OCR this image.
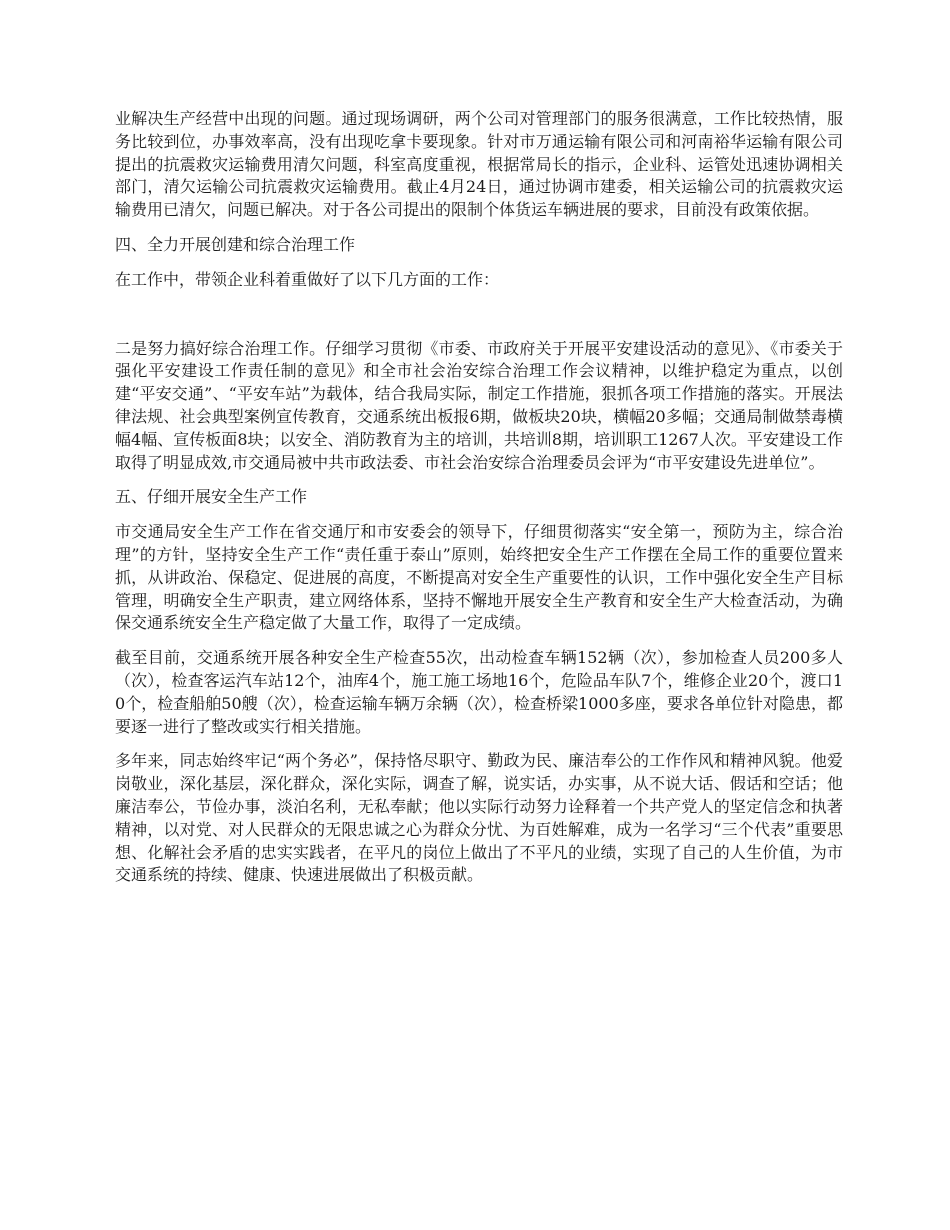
业解决生产经营中出现的问题。通过现场调研，两个公司对管理部门的服务很满意，工作比较热情，服务比较到位，办事效率高，没有出现吃拿卡要现象。针对市万通运输有限公司和河南裕华运输有限公司提出的抗震救灾运输费用清欠问题，科室高度重视，根据常局长的指示，企业科、运管处迅速协调相关部门，清欠运输公司抗震救灾运输费用。截止4月24日，通过协调市建委，相关运输公司的抗震救灾运输费用已清欠，问题已解决。对于各公司提出的限制个体货运车辆进展的要求，目前没有政策依据。

四、全力开展创建和综合治理工作

在工作中，带领企业科着重做好了以下几方面的工作：

二是努力搞好综合治理工作。仔细学习贯彻《市委、市政府关于开展平安建设活动的意见》、《市委关于强化平安建设工作责任制的意见》和全市社会治安综合治理工作会议精神，以维护稳定为重点，以创建“平安交通”、“平安车站”为载体，结合我局实际，制定工作措施，狠抓各项工作措施的落实。开展法律法规、社会典型案例宣传教育，交通系统出板报6期，做板块20块，横幅20多幅；交通局制做禁毒横幅4幅、宣传板面8块；以安全、消防教育为主的培训，共培训8期，培训职工1267人次。平安建设工作取得了明显成效,市交通局被中共市政法委、市社会治安综合治理委员会评为“市平安建设先进单位”。

五、仔细开展安全生产工作

市交通局安全生产工作在省交通厅和市安委会的领导下，仔细贯彻落实“安全第一，预防为主，综合治理”的方针，坚持安全生产工作“责任重于泰山”原则，始终把安全生产工作摆在全局工作的重要位置来抓，从讲政治、保稳定、促进展的高度，不断提高对安全生产重要性的认识，工作中强化安全生产目标管理，明确安全生产职责，建立网络体系，坚持不懈地开展安全生产教育和安全生产大检查活动，为确保交通系统安全生产稳定做了大量工作，取得了一定成绩。

截至目前，交通系统开展各种安全生产检查55次，出动检查车辆152辆（次），参加检查人员200多人（次），检查客运汽车站12个，油库4个，施工施工场地16个，危险品车队7个，维修企业20个，渡口10个，检查船舶50艘（次），检查运输车辆万余辆（次），检查桥梁1000多座，要求各单位针对隐患，都要逐一进行了整改或实行相关措施。

多年来，同志始终牢记“两个务必”，保持恪尽职守、勤政为民、廉洁奉公的工作作风和精神风貌。他爱岗敬业，深化基层，深化群众，深化实际，调查了解，说实话，办实事，从不说大话、假话和空话；他廉洁奉公，节俭办事，淡泊名利，无私奉献；他以实际行动努力诠释着一个共产党人的坚定信念和执著精神，以对党、对人民群众的无限忠诚之心为群众分忧、为百姓解难，成为一名学习“三个代表”重要思想、化解社会矛盾的忠实实践者，在平凡的岗位上做出了不平凡的业绩，实现了自己的人生价值，为市交通系统的持续、健康、快速进展做出了积极贡献。
